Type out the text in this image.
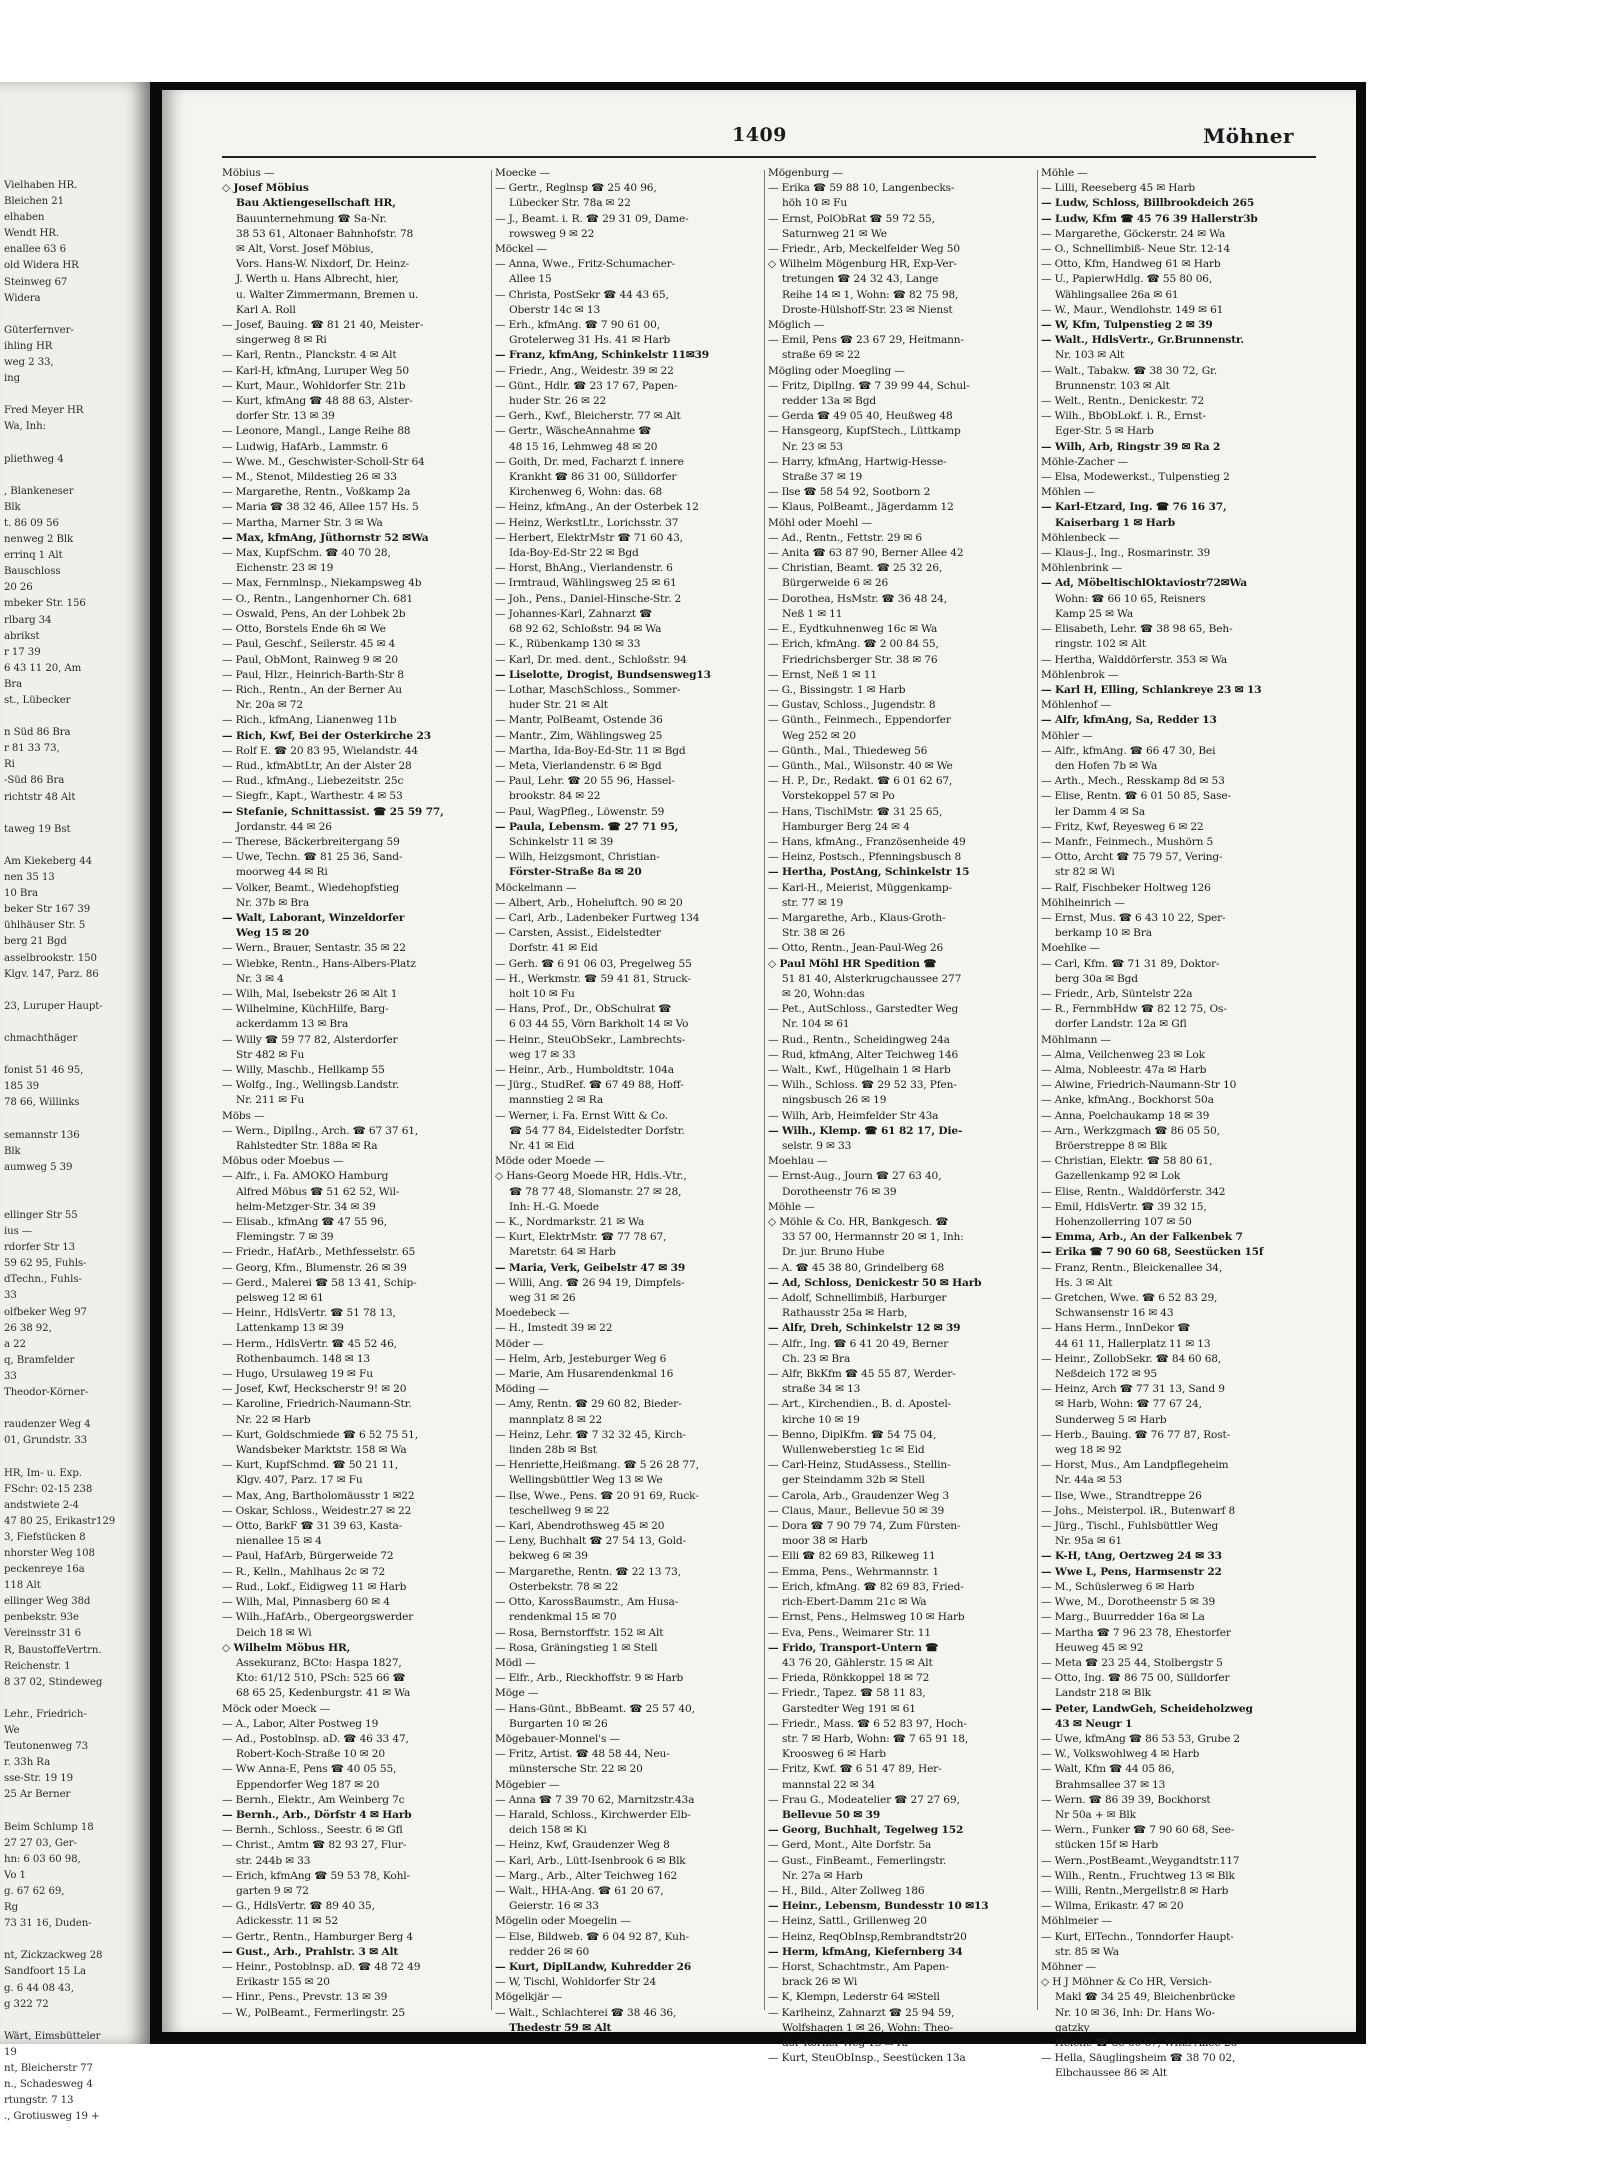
Vielhaben HR.
Bleichen 21
elhaben
Wendt HR.
enallee 63 6
old Widera HR
Steinweg 67
Widera
Güterfernver-
ihling HR
weg 2 33,
ing
Fred Meyer HR
Wa, Inh:
pliethweg 4
, Blankeneser
Blk
t. 86 09 56
nenweg 2 Blk
errinq 1 Alt
Bauschloss
20 26
mbeker Str. 156
rlbarg 34
abrikst
r 17 39
6 43 11 20, Am
Bra
st., Lübecker
n Süd 86 Bra
r 81 33 73,
Ri
-Süd 86 Bra
richtstr 48 Alt
taweg 19 Bst
Am Kiekeberg 44
nen 35 13
10 Bra
beker Str 167 39
ühlhäuser Str. 5
berg 21 Bgd
asselbrookstr. 150
Klgv. 147, Parz. 86
23, Luruper Haupt-
chmachthäger
fonist 51 46 95,
185 39
78 66, Willinks
semannstr 136
Blk
aumweg 5 39
ellinger Str 55
ius —
rdorfer Str 13
59 62 95, Fuhls-
dTechn., Fuhls-
33
olfbeker Weg 97
26 38 92,
a 22
q, Bramfelder
33
Theodor-Körner-
raudenzer Weg 4
01, Grundstr. 33
HR, Im- u. Exp.
FSchr: 02-15 238
andstwiete 2-4
47 80 25, Erikastr129
3, Fiefstücken 8
nhorster Weg 108
peckenreye 16a
118 Alt
ellinger Weg 38d
penbekstr. 93e
Vereinsstr 31 6
R, BaustoffeVertrn.
Reichenstr. 1
8 37 02, Stindeweg
Lehr., Friedrich-
We
Teutonenweg 73
r. 33h Ra
sse-Str. 19 19
25 Ar Berner
Beim Schlump 18
27 27 03, Ger-
hn: 6 03 60 98,
Vo 1
g. 67 62 69,
Rg
73 31 16, Duden-
nt, Zickzackweg 28
Sandfoort 15 La
g. 6 44 08 43,
g 322 72
Wärt, Eimsbütteler
19
nt, Bleicherstr 77
n., Schadesweg 4
rtungstr. 7 13
., Grotiusweg 19 +
1409	Möhner
Möbius —
◇ Josef Möbius
Bau Aktiengesellschaft HR,
Bauunternehmung ☎ Sa-Nr.
38 53 61, Altonaer Bahnhofstr. 78
✉ Alt, Vorst. Josef Möbius,
Vors. Hans-W. Nixdorf, Dr. Heinz-
J. Werth u. Hans Albrecht, hier,
u. Walter Zimmermann, Bremen u.
Karl A. Roll
— Josef, Bauing. ☎ 81 21 40, Meister-
singerweg 8 ✉ Ri
— Karl, Rentn., Planckstr. 4 ✉ Alt
— Karl-H, kfmAng, Luruper Weg 50
— Kurt, Maur., Wohldorfer Str. 21b
— Kurt, kfmAng ☎ 48 88 63, Alster-
dorfer Str. 13 ✉ 39
— Leonore, Mangl., Lange Reihe 88
— Ludwig, HafArb., Lammstr. 6
— Wwe. M., Geschwister-Scholl-Str 64
— M., Stenot, Mildestieg 26 ✉ 33
— Margarethe, Rentn., Voßkamp 2a
— Maria ☎ 38 32 46, Allee 157 Hs. 5
— Martha, Marner Str. 3 ✉ Wa
— Max, kfmAng, Jüthornstr 52 ✉Wa
— Max, KupfSchm. ☎ 40 70 28,
Eichenstr. 23 ✉ 19
— Max, Fernmlnsp., Niekampsweg 4b
— O., Rentn., Langenhorner Ch. 681
— Oswald, Pens, An der Lohbek 2b
— Otto, Borstels Ende 6h ✉ We
— Paul, Geschf., Seilerstr. 45 ✉ 4
— Paul, ObMont, Rainweg 9 ✉ 20
— Paul, Hlzr., Heinrich-Barth-Str 8
— Rich., Rentn., An der Berner Au
Nr. 20a ✉ 72
— Rich., kfmAng, Lianenweg 11b
— Rich, Kwf, Bei der Osterkirche 23
— Rolf E. ☎ 20 83 95, Wielandstr. 44
— Rud., kfmAbtLtr, An der Alster 28
— Rud., kfmAng., Liebezeitstr. 25c
— Siegfr., Kapt., Warthestr. 4 ✉ 53
— Stefanie, Schnittassist. ☎ 25 59 77,
Jordanstr. 44 ✉ 26
— Therese, Bäckerbreitergang 59
— Uwe, Techn. ☎ 81 25 36, Sand-
moorweg 44 ✉ Ri
— Volker, Beamt., Wiedehopfstieg
Nr. 37b ✉ Bra
— Walt, Laborant, Winzeldorfer
Weg 15 ✉ 20
— Wern., Brauer, Sentastr. 35 ✉ 22
— Wiebke, Rentn., Hans-Albers-Platz
Nr. 3 ✉ 4
— Wilh, Mal, Isebekstr 26 ✉ Alt 1
— Wilhelmine, KüchHilfe, Barg-
ackerdamm 13 ✉ Bra
— Willy ☎ 59 77 82, Alsterdorfer
Str 482 ✉ Fu
— Willy, Maschb., Hellkamp 55
— Wolfg., Ing., Wellingsb.Landstr.
Nr. 211 ✉ Fu
Möbs —
— Wern., Diplİng., Arch. ☎ 67 37 61,
Rahlstedter Str. 188a ✉ Ra
Möbus oder Moebus —
— Alfr., i. Fa. AMOKO Hamburg
Alfred Möbus ☎ 51 62 52, Wil-
helm-Metzger-Str. 34 ✉ 39
— Elisab., kfmAng ☎ 47 55 96,
Flemingstr. 7 ✉ 39
— Friedr., HafArb., Methfesselstr. 65
— Georg, Kfm., Blumenstr. 26 ✉ 39
— Gerd., Malerei ☎ 58 13 41, Schip-
pelsweg 12 ✉ 61
— Heinr., HdlsVertr. ☎ 51 78 13,
Lattenkamp 13 ✉ 39
— Herm., HdlsVertr. ☎ 45 52 46,
Rothenbaumch. 148 ✉ 13
— Hugo, Ursulaweg 19 ✉ Fu
— Josef, Kwf, Heckscherstr 9! ✉ 20
— Karoline, Friedrich-Naumann-Str.
Nr. 22 ✉ Harb
— Kurt, Goldschmiede ☎ 6 52 75 51,
Wandsbeker Marktstr. 158 ✉ Wa
— Kurt, KupfSchmd. ☎ 50 21 11,
Klgv. 407, Parz. 17 ✉ Fu
— Max, Ang, Bartholomäusstr 1 ✉22
— Oskar, Schloss., Weidestr.27 ✉ 22
— Otto, BarkF ☎ 31 39 63, Kasta-
nienallee 15 ✉ 4
— Paul, HafArb, Bürgerweide 72
— R., Kelln., Mahlhaus 2c ✉ 72
— Rud., Lokf., Eidigweg 11 ✉ Harb
— Wilh, Mal, Pinnasberg 60 ✉ 4
— Wilh.,HafArb., Obergeorgswerder
Deich 18 ✉ Wi
◇ Wilhelm Möbus HR,
Assekuranz, BCto: Haspa 1827,
Kto: 61/12 510, PSch: 525 66 ☎
68 65 25, Kedenburgstr. 41 ✉ Wa
Möck oder Moeck —
— A., Labor, Alter Postweg 19
— Ad., Postoblnsp. aD. ☎ 46 33 47,
Robert-Koch-Straße 10 ✉ 20
— Ww Anna-E, Pens ☎ 40 05 55,
Eppendorfer Weg 187 ✉ 20
— Bernh., Elektr., Am Weinberg 7c
— Bernh., Arb., Dörfstr 4 ✉ Harb
— Bernh., Schloss., Seestr. 6 ✉ Gfl
— Christ., Amtm ☎ 82 93 27, Flur-
str. 244b ✉ 33
— Erich, kfmAng ☎ 59 53 78, Kohl-
garten 9 ✉ 72
— G., HdlsVertr. ☎ 89 40 35,
Adickesstr. 11 ✉ 52
— Gertr., Rentn., Hamburger Berg 4
— Gust., Arb., Prahlstr. 3 ✉ Alt
— Heinr., Postoblnsp. aD. ☎ 48 72 49
Erikastr 155 ✉ 20
— Hinr., Pens., Prevstr. 13 ✉ 39
— W., PolBeamt., Fermerlingstr. 25
Moecke —
— Gertr., Reglnsp ☎ 25 40 96,
Lübecker Str. 78a ✉ 22
— J., Beamt. i. R. ☎ 29 31 09, Dame-
rowsweg 9 ✉ 22
Möckel —
— Anna, Wwe., Fritz-Schumacher-
Allee 15
— Christa, PostSekr ☎ 44 43 65,
Oberstr 14c ✉ 13
— Erh., kfmAng. ☎ 7 90 61 00,
Grotelerweg 31 Hs. 41 ✉ Harb
— Franz, kfmAng, Schinkelstr 11✉39
— Friedr., Ang., Weidestr. 39 ✉ 22
— Günt., Hdlr. ☎ 23 17 67, Papen-
huder Str. 26 ✉ 22
— Gerh., Kwf., Bleicherstr. 77 ✉ Alt
— Gertr., WäscheAnnahme ☎
48 15 16, Lehmweg 48 ✉ 20
— Goith, Dr. med, Facharzt f. innere
Krankht ☎ 86 31 00, Sülldorfer
Kirchenweg 6, Wohn: das. 68
— Heinz, kfmAng., An der Osterbek 12
— Heinz, WerkstLtr., Lorichsstr. 37
— Herbert, ElektrMstr ☎ 71 60 43,
Ida-Boy-Ed-Str 22 ✉ Bgd
— Horst, BhAng., Vierlandenstr. 6
— Irmtraud, Wählingsweg 25 ✉ 61
— Joh., Pens., Daniel-Hinsche-Str. 2
— Johannes-Karl, Zahnarzt ☎
68 92 62, Schloßstr. 94 ✉ Wa
— K., Rübenkamp 130 ✉ 33
— Karl, Dr. med. dent., Schloßstr. 94
— Liselotte, Drogist, Bundsensweg13
— Lothar, MaschSchloss., Sommer-
huder Str. 21 ✉ Alt
— Mantr, PolBeamt, Ostende 36
— Mantr., Zim, Wählingsweg 25
— Martha, Ida-Boy-Ed-Str. 11 ✉ Bgd
— Meta, Vierlandenstr. 6 ✉ Bgd
— Paul, Lehr. ☎ 20 55 96, Hassel-
brookstr. 84 ✉ 22
— Paul, WagPfleg., Löwenstr. 59
— Paula, Lebensm. ☎ 27 71 95,
Schinkelstr 11 ✉ 39
— Wilh, Heizgsmont, Christian-
Förster-Straße 8a ✉ 20
Möckelmann —
— Albert, Arb., Hoheluftch. 90 ✉ 20
— Carl, Arb., Ladenbeker Furtweg 134
— Carsten, Assist., Eidelstedter
Dorfstr. 41 ✉ Eid
— Gerh. ☎ 6 91 06 03, Pregelweg 55
— H., Werkmstr. ☎ 59 41 81, Struck-
holt 10 ✉ Fu
— Hans, Prof., Dr., ObSchulrat ☎
6 03 44 55, Vörn Barkholt 14 ✉ Vo
— Heinr., SteuObSekr., Lambrechts-
weg 17 ✉ 33
— Heinr., Arb., Humboldtstr. 104a
— Jürg., StudRef. ☎ 67 49 88, Hoff-
mannstieg 2 ✉ Ra
— Werner, i. Fa. Ernst Witt & Co.
☎ 54 77 84, Eidelstedter Dorfstr.
Nr. 41 ✉ Eid
Möde oder Moede —
◇ Hans-Georg Moede HR, Hdls.-Vtr.,
☎ 78 77 48, Slomanstr. 27 ✉ 28,
Inh: H.-G. Moede
— K., Nordmarkstr. 21 ✉ Wa
— Kurt, ElektrMstr. ☎ 77 78 67,
Maretstr. 64 ✉ Harb
— Maria, Verk, Geibelstr 47 ✉ 39
— Willi, Ang. ☎ 26 94 19, Dimpfels-
weg 31 ✉ 26
Moedebeck —
— H., Imstedt 39 ✉ 22
Möder —
— Helm, Arb, Jesteburger Weg 6
— Marie, Am Husarendenkmal 16
Möding —
— Amy, Rentn. ☎ 29 60 82, Bieder-
mannplatz 8 ✉ 22
— Heinz, Lehr. ☎ 7 32 32 45, Kirch-
linden 28b ✉ Bst
— Henriette,Heißmang. ☎ 5 26 28 77,
Wellingsbüttler Weg 13 ✉ We
— Ilse, Wwe., Pens. ☎ 20 91 69, Ruck-
teschellweg 9 ✉ 22
— Karl, Abendrothsweg 45 ✉ 20
— Leny, Buchhalt ☎ 27 54 13, Gold-
bekweg 6 ✉ 39
— Margarethe, Rentn. ☎ 22 13 73,
Osterbekstr. 78 ✉ 22
— Otto, KarossBaumstr., Am Husa-
rendenkmal 15 ✉ 70
— Rosa, Bernstorffstr. 152 ✉ Alt
— Rosa, Gräningstieg 1 ✉ Stell
Mödl —
— Elfr., Arb., Rieckhoffstr. 9 ✉ Harb
Möge —
— Hans-Günt., BbBeamt. ☎ 25 57 40,
Burgarten 10 ✉ 26
Mögebauer-Monnel's —
— Fritz, Artist. ☎ 48 58 44, Neu-
münstersche Str. 22 ✉ 20
Mögebier —
— Anna ☎ 7 39 70 62, Marnitzstr.43a
— Harald, Schloss., Kirchwerder Elb-
deich 158 ✉ Ki
— Heinz, Kwf, Graudenzer Weg 8
— Karl, Arb., Lütt-Isenbrook 6 ✉ Blk
— Marg., Arb., Alter Teichweg 162
— Walt., HHA-Ang. ☎ 61 20 67,
Geierstr. 16 ✉ 33
Mögelin oder Moegelin —
— Else, Bildweb. ☎ 6 04 92 87, Kuh-
redder 26 ✉ 60
— Kurt, DiplLandw, Kuhredder 26
— W, Tischl, Wohldorfer Str 24
Mögelkjär —
— Walt., Schlachterei ☎ 38 46 36,
Thedestr 59 ✉ Alt
Mögenburg —
— Erika ☎ 59 88 10, Langenbecks-
höh 10 ✉ Fu
— Ernst, PolObRat ☎ 59 72 55,
Saturnweg 21 ✉ We
— Friedr., Arb, Meckelfelder Weg 50
◇ Wilhelm Mögenburg HR, Exp-Ver-
tretungen ☎ 24 32 43, Lange
Reihe 14 ✉ 1, Wohn: ☎ 82 75 98,
Droste-Hülshoff-Str. 23 ✉ Nienst
Möglich —
— Emil, Pens ☎ 23 67 29, Heitmann-
straße 69 ✉ 22
Mögling oder Moegling —
— Fritz, DiplIng. ☎ 7 39 99 44, Schul-
redder 13a ✉ Bgd
— Gerda ☎ 49 05 40, Heußweg 48
— Hansgeorg, KupfStech., Lüttkamp
Nr. 23 ✉ 53
— Harry, kfmAng, Hartwig-Hesse-
Straße 37 ✉ 19
— Ilse ☎ 58 54 92, Sootborn 2
— Klaus, PolBeamt., Jägerdamm 12
Möhl oder Moehl —
— Ad., Rentn., Fettstr. 29 ✉ 6
— Anita ☎ 63 87 90, Berner Allee 42
— Christian, Beamt. ☎ 25 32 26,
Bürgerweide 6 ✉ 26
— Dorothea, HsMstr. ☎ 36 48 24,
Neß 1 ✉ 11
— E., Eydtkuhnenweg 16c ✉ Wa
— Erich, kfmAng. ☎ 2 00 84 55,
Friedrichsberger Str. 38 ✉ 76
— Ernst, Neß 1 ✉ 11
— G., Bissingstr. 1 ✉ Harb
— Gustav, Schloss., Jugendstr. 8
— Günth., Feinmech., Eppendorfer
Weg 252 ✉ 20
— Günth., Mal., Thiedeweg 56
— Günth., Mal., Wilsonstr. 40 ✉ We
— H. P., Dr., Redakt. ☎ 6 01 62 67,
Vorstekoppel 57 ✉ Po
— Hans, TischlMstr. ☎ 31 25 65,
Hamburger Berg 24 ✉ 4
— Hans, kfmAng., Französenheide 49
— Heinz, Postsch., Pfenningsbusch 8
— Hertha, PostAng, Schinkelstr 15
— Karl-H., Meierist, Müggenkamp-
str. 77 ✉ 19
— Margarethe, Arb., Klaus-Groth-
Str. 38 ✉ 26
— Otto, Rentn., Jean-Paul-Weg 26
◇ Paul Möhl HR Spedition ☎
51 81 40, Alsterkrugchaussee 277
✉ 20, Wohn:das
— Pet., AutSchloss., Garstedter Weg
Nr. 104 ✉ 61
— Rud., Rentn., Scheidingweg 24a
— Rud, kfmAng, Alter Teichweg 146
— Walt., Kwf., Hügelhain 1 ✉ Harb
— Wilh., Schloss. ☎ 29 52 33, Pfen-
ningsbusch 26 ✉ 19
— Wilh, Arb, Heimfelder Str 43a
— Wilh., Klemp. ☎ 61 82 17, Die-
selstr. 9 ✉ 33
Moehlau —
— Ernst-Aug., Journ ☎ 27 63 40,
Dorotheenstr 76 ✉ 39
Möhle —
◇ Möhle & Co. HR, Bankgesch. ☎
33 57 00, Hermannstr 20 ✉ 1, Inh:
Dr. jur. Bruno Hube
— A. ☎ 45 38 80, Grindelberg 68
— Ad, Schloss, Denickestr 50 ✉ Harb
— Adolf, Schnellimbiß, Harburger
Rathausstr 25a ✉ Harb,
— Alfr, Dreh, Schinkelstr 12 ✉ 39
— Alfr., Ing. ☎ 6 41 20 49, Berner
Ch. 23 ✉ Bra
— Alfr, BkKfm ☎ 45 55 87, Werder-
straße 34 ✉ 13
— Art., Kirchendien., B. d. Apostel-
kirche 10 ✉ 19
— Benno, DiplKfm. ☎ 54 75 04,
Wullenweberstieg 1c ✉ Eid
— Carl-Heinz, StudAssess., Stellin-
ger Steindamm 32b ✉ Stell
— Carola, Arb., Graudenzer Weg 3
— Claus, Maur., Bellevue 50 ✉ 39
— Dora ☎ 7 90 79 74, Zum Fürsten-
moor 38 ✉ Harb
— Elli ☎ 82 69 83, Rilkeweg 11
— Emma, Pens., Wehrmannstr. 1
— Erich, kfmAng. ☎ 82 69 83, Fried-
rich-Ebert-Damm 21c ✉ Wa
— Ernst, Pens., Helmsweg 10 ✉ Harb
— Eva, Pens., Weimarer Str. 11
— Frido, Transport-Untern ☎
43 76 20, Gählerstr. 15 ✉ Alt
— Frieda, Rönkkoppel 18 ✉ 72
— Friedr., Tapez. ☎ 58 11 83,
Garstedter Weg 191 ✉ 61
— Friedr., Mass. ☎ 6 52 83 97, Hoch-
str. 7 ✉ Harb, Wohn: ☎ 7 65 91 18,
Kroosweg 6 ✉ Harb
— Fritz, Kwf. ☎ 6 51 47 89, Her-
mannstal 22 ✉ 34
— Frau G., Modeatelier ☎ 27 27 69,
Bellevue 50 ✉ 39
— Georg, Buchhalt, Tegelweg 152
— Gerd, Mont., Alte Dorfstr. 5a
— Gust., FinBeamt., Femerlingstr.
Nr. 27a ✉ Harb
— H., Bild., Alter Zollweg 186
— Heinr., Lebensm, Bundesstr 10 ✉13
— Heinz, Sattl., Grillenweg 20
— Heinz, ReqObInsp,Rembrandtstr20
— Herm, kfmAng, Kiefernberg 34
— Horst, Schachtmstr., Am Papen-
brack 26 ✉ Wi
— K, Klempn, Lederstr 64 ✉Stell
— Karlheinz, Zahnarzt ☎ 25 94 59,
Wolfshagen 1 ✉ 26, Wohn: Theo-
dor-Körner-Weg 13 ✉ Ri
— Kurt, SteuObInsp., Seestücken 13a
Möhle —
— Lilli, Reeseberg 45 ✉ Harb
— Ludw, Schloss, Billbrookdeich 265
— Ludw, Kfm ☎ 45 76 39 Hallerstr3b
— Margarethe, Göckerstr. 24 ✉ Wa
— O., Schnellimbiß- Neue Str. 12-14
— Otto, Kfm, Handweg 61 ✉ Harb
— U., PapierwHdlg. ☎ 55 80 06,
Wählingsallee 26a ✉ 61
— W., Maur., Wendlohstr. 149 ✉ 61
— W, Kfm, Tulpenstieg 2 ✉ 39
— Walt., HdlsVertr., Gr.Brunnenstr.
Nr. 103 ✉ Alt
— Walt., Tabakw. ☎ 38 30 72, Gr.
Brunnenstr. 103 ✉ Alt
— Welt., Rentn., Denickestr. 72
— Wilh., BbObLokf. i. R., Ernst-
Eger-Str. 5 ✉ Harb
— Wilh, Arb, Ringstr 39 ✉ Ra 2
Möhle-Zacher —
— Elsa, Modewerkst., Tulpenstieg 2
Möhlen —
— Karl-Etzard, Ing. ☎ 76 16 37,
Kaiserbarg 1 ✉ Harb
Möhlenbeck —
— Klaus-J., Ing., Rosmarinstr. 39
Möhlenbrink —
— Ad, MöbeltischlOktaviostr72✉Wa
Wohn: ☎ 66 10 65, Reisners
Kamp 25 ✉ Wa
— Elisabeth, Lehr. ☎ 38 98 65, Beh-
ringstr. 102 ✉ Alt
— Hertha, Walddörferstr. 353 ✉ Wa
Möhlenbrok —
— Karl H, Elling, Schlankreye 23 ✉ 13
Möhlenhof —
— Alfr, kfmAng, Sa, Redder 13
Möhler —
— Alfr., kfmAng. ☎ 66 47 30, Bei
den Hofen 7b ✉ Wa
— Arth., Mech., Resskamp 8d ✉ 53
— Elise, Rentn. ☎ 6 01 50 85, Sase-
ler Damm 4 ✉ Sa
— Fritz, Kwf, Reyesweg 6 ✉ 22
— Manfr., Feinmech., Mushörn 5
— Otto, Archt ☎ 75 79 57, Vering-
str 82 ✉ Wi
— Ralf, Fischbeker Holtweg 126
Möhlheinrich —
— Ernst, Mus. ☎ 6 43 10 22, Sper-
berkamp 10 ✉ Bra
Moehlke —
— Carl, Kfm. ☎ 71 31 89, Doktor-
berg 30a ✉ Bgd
— Friedr., Arb, Süntelstr 22a
— R., FernmbHdw ☎ 82 12 75, Os-
dorfer Landstr. 12a ✉ Gfl
Möhlmann —
— Alma, Veilchenweg 23 ✉ Lok
— Alma, Nobleestr. 47a ✉ Harb
— Alwine, Friedrich-Naumann-Str 10
— Anke, kfmAng., Bockhorst 50a
— Anna, Poelchaukamp 18 ✉ 39
— Arn., Werkzgmach ☎ 86 05 50,
Bröerstreppe 8 ✉ Blk
— Christian, Elektr. ☎ 58 80 61,
Gazellenkamp 92 ✉ Lok
— Elise, Rentn., Walddörferstr. 342
— Emil, HdlsVertr. ☎ 39 32 15,
Hohenzollerring 107 ✉ 50
— Emma, Arb., An der Falkenbek 7
— Erika ☎ 7 90 60 68, Seestücken 15f
— Franz, Rentn., Bleickenallee 34,
Hs. 3 ✉ Alt
— Gretchen, Wwe. ☎ 6 52 83 29,
Schwansenstr 16 ✉ 43
— Hans Herm., InnDekor ☎
44 61 11, Hallerplatz 11 ✉ 13
— Heinr., ZollobSekr. ☎ 84 60 68,
Neßdeich 172 ✉ 95
— Heinz, Arch ☎ 77 31 13, Sand 9
✉ Harb, Wohn: ☎ 77 67 24,
Sunderweg 5 ✉ Harb
— Herb., Bauing. ☎ 76 77 87, Rost-
weg 18 ✉ 92
— Horst, Mus., Am Landpflegeheim
Nr. 44a ✉ 53
— Ilse, Wwe., Strandtreppe 26
— Johs., Meisterpol. iR., Butenwarf 8
— Jürg., Tischl., Fuhlsbüttler Weg
Nr. 95a ✉ 61
— K-H, tAng, Oertzweg 24 ✉ 33
— Wwe L, Pens, Harmsenstr 22
— M., Schüslerweg 6 ✉ Harb
— Wwe, M., Dorotheenstr 5 ✉ 39
— Marg., Buurredder 16a ✉ La
— Martha ☎ 7 96 23 78, Ehestorfer
Heuweg 45 ✉ 92
— Meta ☎ 23 25 44, Stolbergstr 5
— Otto, Ing. ☎ 86 75 00, Sülldorfer
Landstr 218 ✉ Blk
— Peter, LandwGeh, Scheideholzweg
43 ✉ Neugr 1
— Uwe, kfmAng ☎ 86 53 53, Grube 2
— W., Volkswohlweg 4 ✉ Harb
— Walt, Kfm ☎ 44 05 86,
Brahmsallee 37 ✉ 13
— Wern. ☎ 86 39 39, Bockhorst
Nr 50a + ✉ Blk
— Wern., Funker ☎ 7 90 60 68, See-
stücken 15f ✉ Harb
— Wern.,PostBeamt.,Weygandtstr.117
— Wilh., Rentn., Fruchtweg 13 ✉ Blk
— Willi, Rentn.,Mergellstr.8 ✉ Harb
— Wilma, Erikastr. 47 ✉ 20
Möhlmeier —
— Kurt, ElTechn., Tonndorfer Haupt-
str. 85 ✉ Wa
Möhner —
◇ H J Möhner & Co HR, Versich-
Makl ☎ 34 25 49, Bleichenbrücke
Nr. 10 ✉ 36, Inh: Dr. Hans Wo-
gatzky
— Helene ☎ 86 60 67, Witts Allee 26
— Hella, Säuglingsheim ☎ 38 70 02,
Elbchaussee 86 ✉ Alt
